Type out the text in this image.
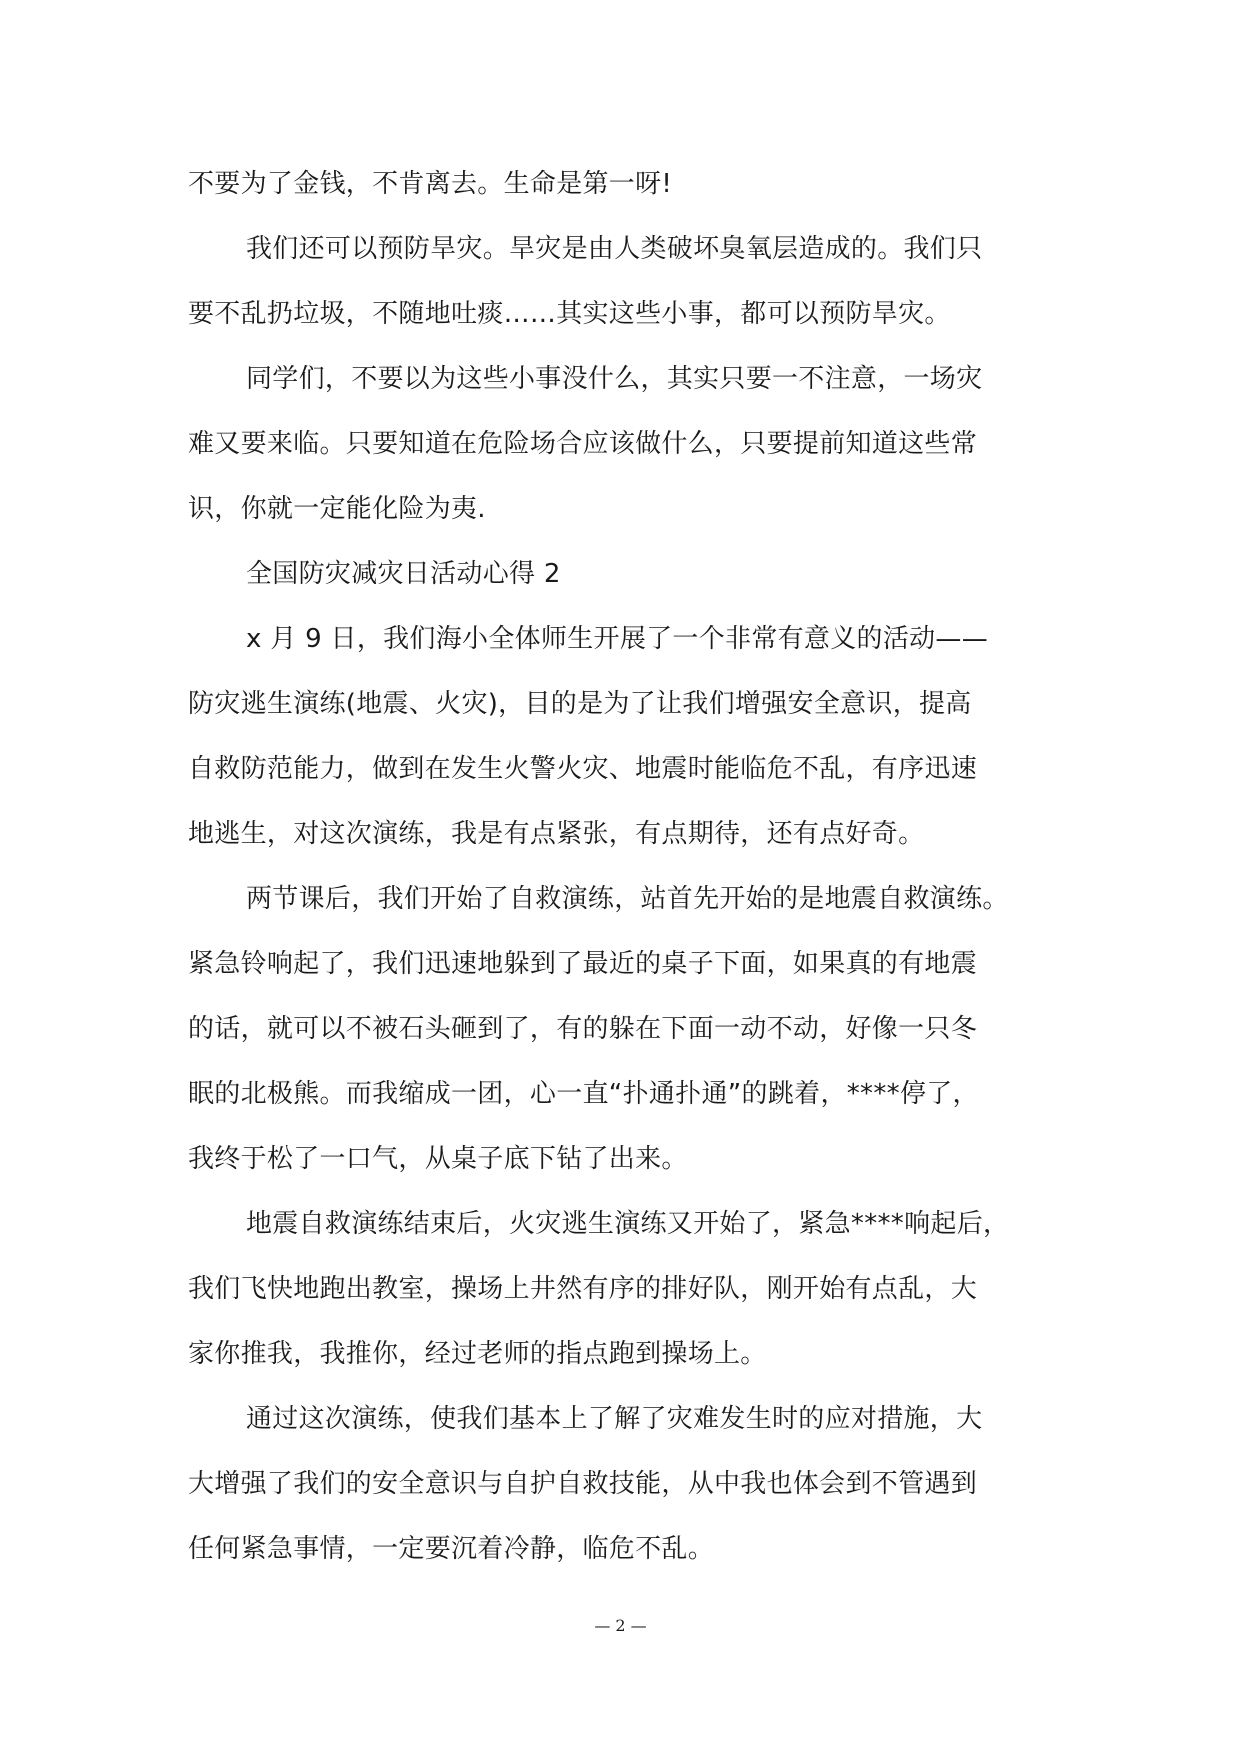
不要为了金钱，不肯离去。生命是第一呀!
我们还可以预防旱灾。旱灾是由人类破坏臭氧层造成的。我们只
要不乱扔垃圾，不随地吐痰……其实这些小事，都可以预防旱灾。
同学们，不要以为这些小事没什么，其实只要一不注意，一场灾
难又要来临。只要知道在危险场合应该做什么，只要提前知道这些常
识，你就一定能化险为夷.
全国防灾减灾日活动心得 2
x 月 9 日，我们海小全体师生开展了一个非常有意义的活动——
防灾逃生演练(地震、火灾)，目的是为了让我们增强安全意识，提高
自救防范能力，做到在发生火警火灾、地震时能临危不乱，有序迅速
地逃生，对这次演练，我是有点紧张，有点期待，还有点好奇。
两节课后，我们开始了自救演练，站首先开始的是地震自救演练。
紧急铃响起了，我们迅速地躲到了最近的桌子下面，如果真的有地震
的话，就可以不被石头砸到了，有的躲在下面一动不动，好像一只冬
眠的北极熊。而我缩成一团，心一直“扑通扑通”的跳着，****停了，
我终于松了一口气，从桌子底下钻了出来。
地震自救演练结束后，火灾逃生演练又开始了，紧急****响起后，
我们飞快地跑出教室，操场上井然有序的排好队，刚开始有点乱，大
家你推我，我推你，经过老师的指点跑到操场上。
通过这次演练，使我们基本上了解了灾难发生时的应对措施，大
大增强了我们的安全意识与自护自救技能，从中我也体会到不管遇到
任何紧急事情，一定要沉着冷静，临危不乱。
— 2 —
